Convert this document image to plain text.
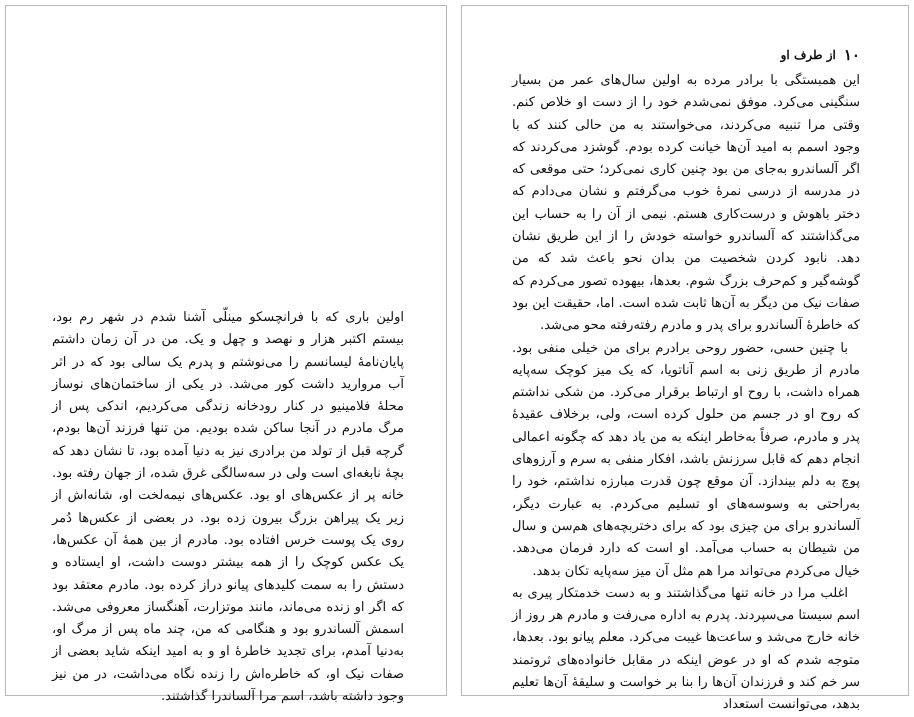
اولین باری که با فرانچسکو مینلّی آشنا شدم در شهر رم بود، بیستم اکتبر هزار و نهصد و چهل و یک. من در آن زمان داشتم پایان‌نامهٔ لیسانسم را می‌نوشتم و پدرم یک سالی بود که در اثر آب مروارید داشت کور می‌شد. در یکی از ساختمان‌های نوساز محلهٔ فلامینیو در کنار رودخانه زندگی می‌کردیم، اندکی پس از مرگ مادرم در آنجا ساکن شده بودیم. من تنها فرزند آن‌ها بودم، گرچه قبل از تولد من برادری نیز به دنیا آمده بود، تا نشان دهد که بچهٔ نابغه‌ای است ولی در سه‌سالگی غرق شده، از جهان رفته بود. خانه پر از عکس‌های او بود. عکس‌های نیمه‌لخت او، شانه‌اش از زیر یک پیراهن بزرگ بیرون زده بود. در بعضی از عکس‌ها دُمر روی یک پوست خرس افتاده بود. مادرم از بین همهٔ آن عکس‌ها، یک عکس کوچک را از همه بیشتر دوست داشت، او ایستاده و دستش را به سمت کلیدهای پیانو دراز کرده بود. مادرم معتقد بود که اگر او زنده می‌ماند، مانند موتزارت، آهنگساز معروفی می‌شد. اسمش آلساندرو بود و هنگامی که من، چند ماه پس از مرگ او، به‌دنیا آمدم، برای تجدید خاطرهٔ او و به امید اینکه شاید بعضی از صفات نیک او، که خاطره‌اش را زنده نگاه می‌داشت، در من نیز وجود داشته باشد، اسم مرا آلساندرا گذاشتند.

۱۰
از طرف او

این همبستگی با برادر مرده به اولین سال‌های عمر من بسیار سنگینی می‌کرد. موفق نمی‌شدم خود را از دست او خلاص کنم. وقتی مرا تنبیه می‌کردند، می‌خواستند به من حالی کنند که با وجود اسمم به امید آن‌ها خیانت کرده بودم. گوشزد می‌کردند که اگر آلساندرو به‌جای من بود چنین کاری نمی‌کرد؛ حتی موقعی که در مدرسه از درسی نمرهٔ خوب می‌گرفتم و نشان می‌دادم که دختر باهوش و درست‌کاری هستم. نیمی از آن را به حساب این می‌گذاشتند که آلساندرو خواسته خودش را از این طریق نشان دهد. نابود کردن شخصیت من بدان نحو باعث شد که من گوشه‌گیر و کم‌حرف بزرگ شوم. بعدها، بیهوده تصور می‌کردم که صفات نیک من دیگر به آن‌ها ثابت شده است. اما، حقیقت این بود که خاطرهٔ آلساندرو برای پدر و مادرم رفته‌رفته محو می‌شد.

با چنین حسی، حضور روحی برادرم برای من خیلی منفی بود. مادرم از طریق زنی به اسم آناتویا، که یک میز کوچک سه‌پایه همراه داشت، با روح او ارتباط برقرار می‌کرد. من شکی نداشتم که روح او در جسم من حلول کرده است، ولی، برخلاف عقیدهٔ پدر و مادرم، صرفاً به‌خاطر اینکه به من یاد دهد که چگونه اعمالی انجام دهم که قابل سرزنش باشد، افکار منفی به سرم و آرزوهای پوچ به دلم بیندازد. آن موقع چون قدرت مبارزه نداشتم، خود را به‌راحتی به وسوسه‌های او تسلیم می‌کردم. به عبارت دیگر، آلساندرو برای من چیزی بود که برای دختربچه‌های هم‌سن و سال من شیطان به حساب می‌آمد. او است که دارد فرمان می‌دهد. خیال می‌کردم می‌تواند مرا هم مثل آن میز سه‌پایه تکان بدهد.

اغلب مرا در خانه تنها می‌گذاشتند و به دست خدمتکار پیری به اسم سیستا می‌سپردند. پدرم به اداره می‌رفت و مادرم هر روز از خانه خارج می‌شد و ساعت‌ها غیبت می‌کرد. معلم پیانو بود. بعدها، متوجه شدم که او در عوض اینکه در مقابل خانواده‌های ثروتمند سر خم کند و فرزندان آن‌ها را بنا بر خواست و سلیقهٔ آن‌ها تعلیم بدهد، می‌توانست استعداد
